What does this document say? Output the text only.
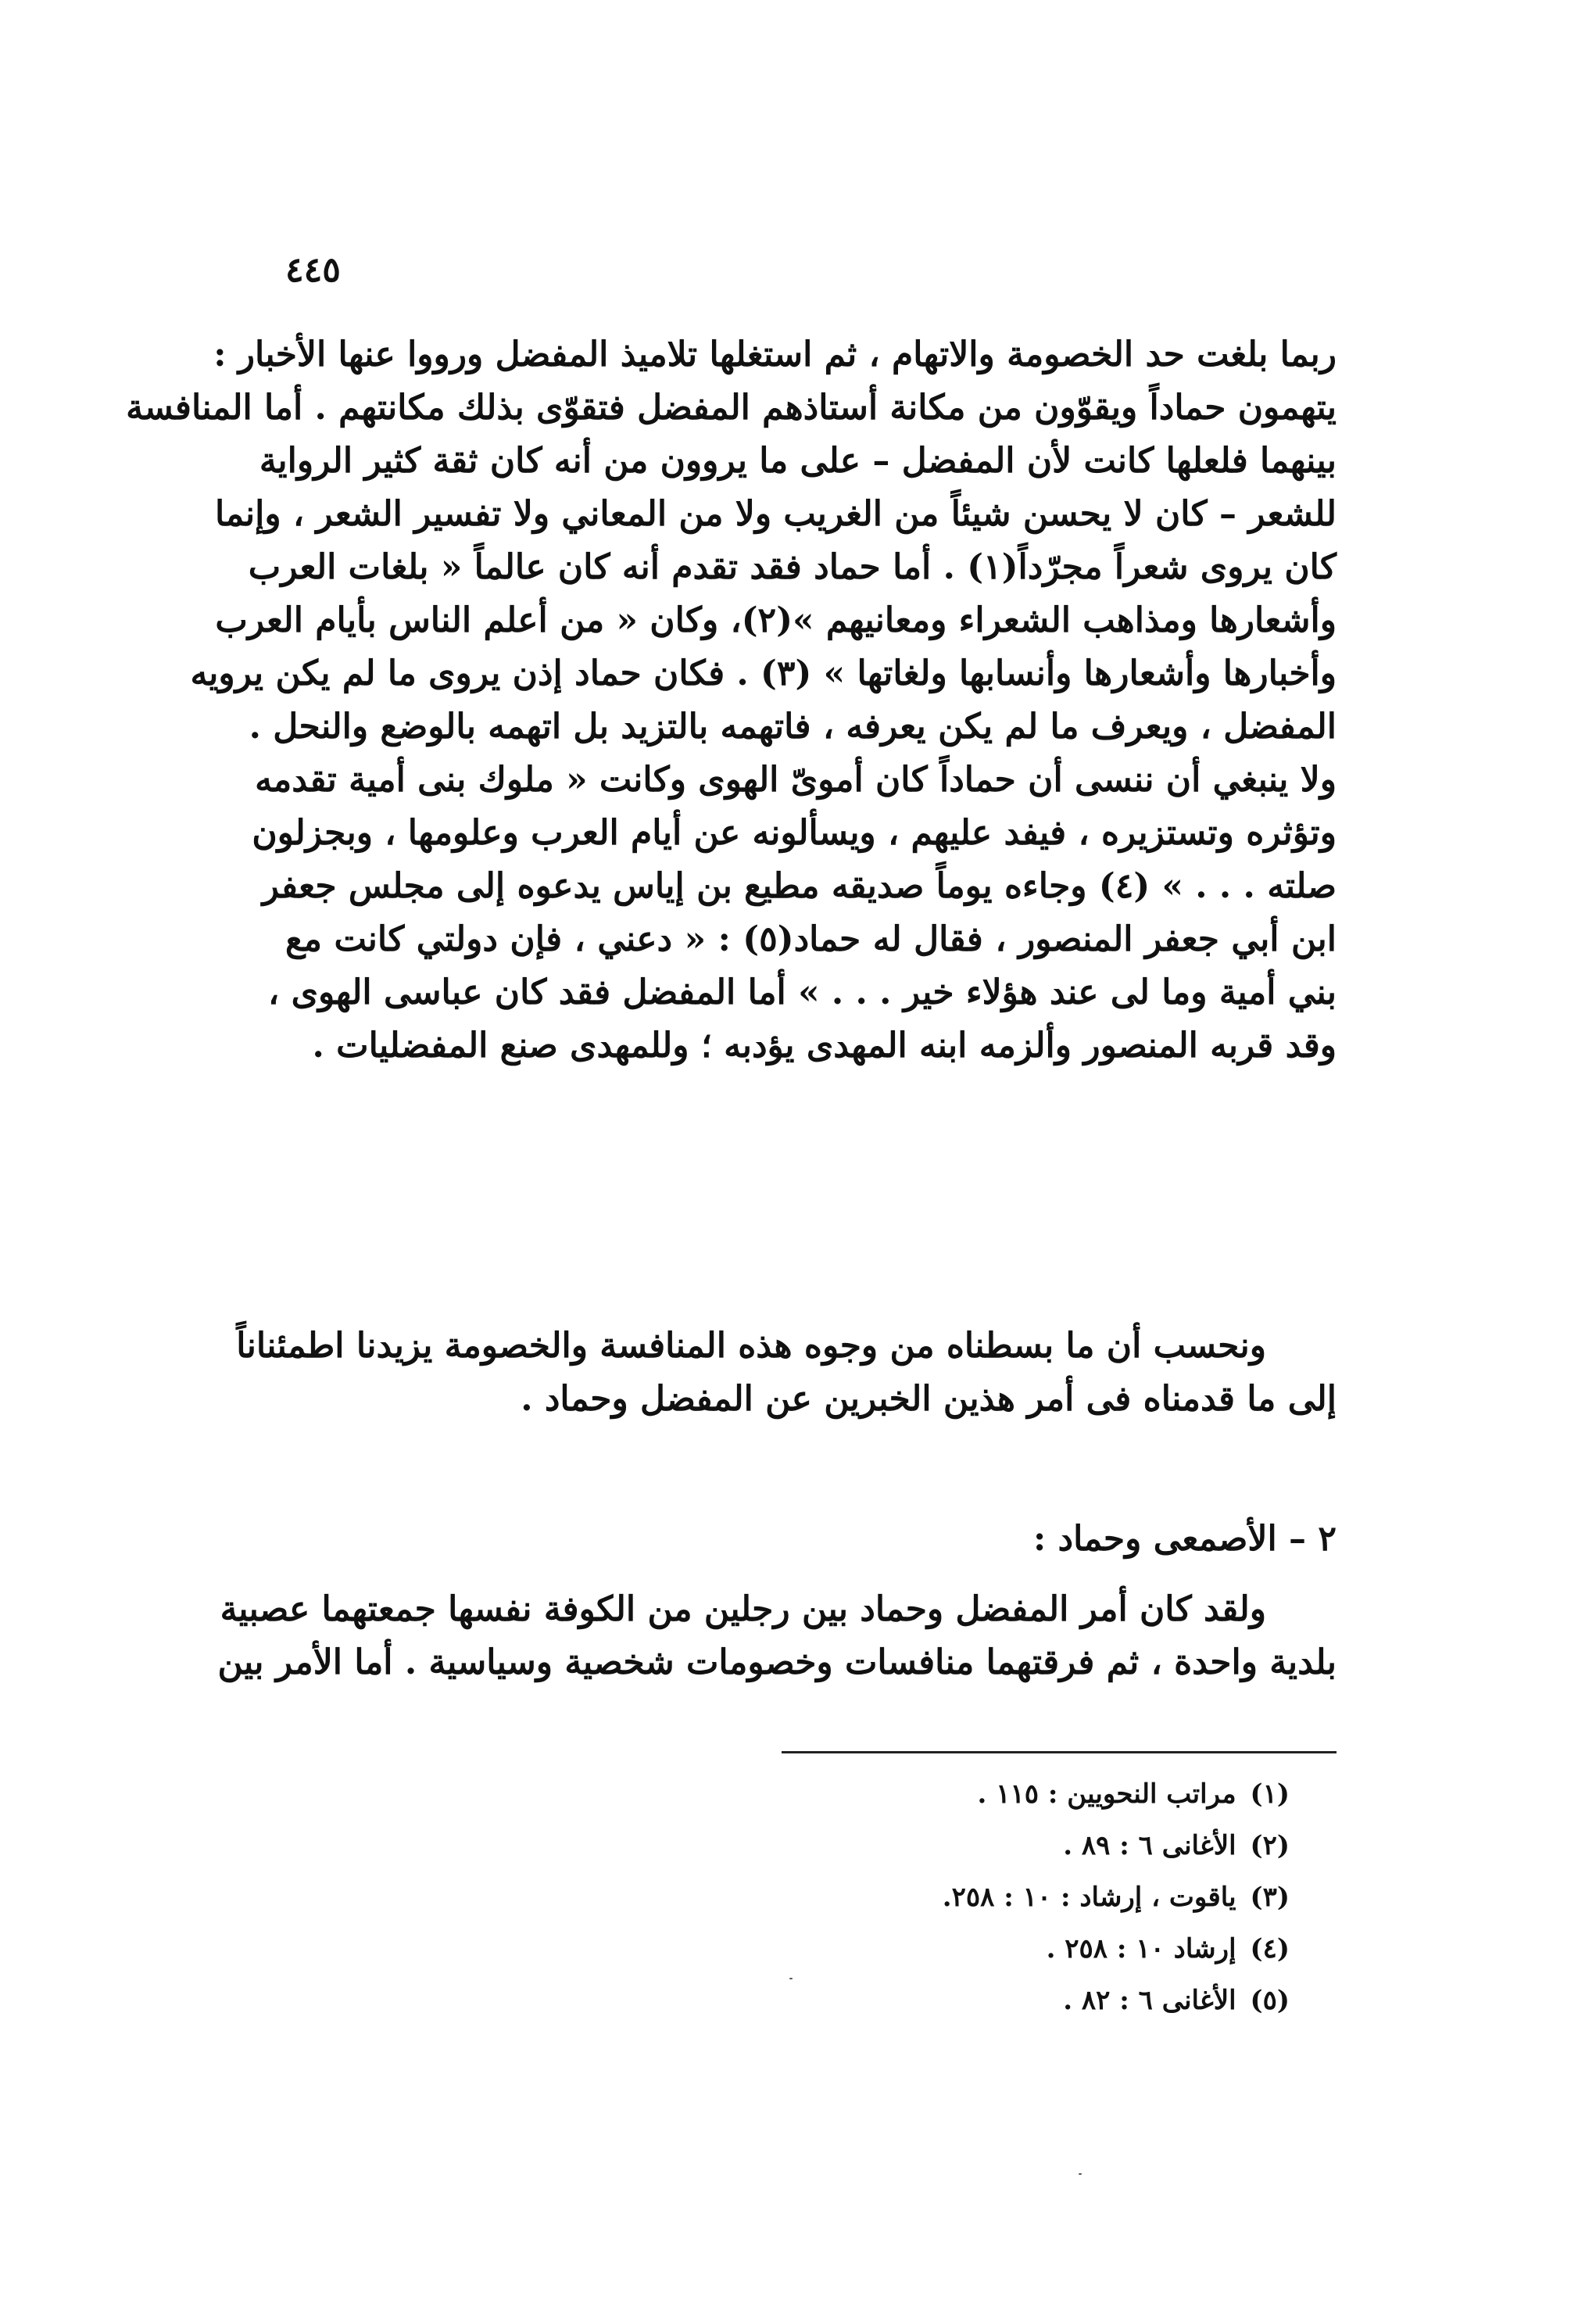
٤٤٥
ربما بلغت حد الخصومة والاتهام ، ثم استغلها تلاميذ المفضل ورووا عنها الأخبار :
يتهمون حماداً ويقوّون من مكانة أستاذهم المفضل فتقوّى بذلك مكانتهم . أما المنافسة
بينهما فلعلها كانت لأن المفضل – على ما يروون من أنه كان ثقة كثير الرواية
للشعر – كان لا يحسن شيئاً من الغريب ولا من المعاني ولا تفسير الشعر ، وإنما
كان يروى شعراً مجرّداً(١) . أما حماد فقد تقدم أنه كان عالماً « بلغات العرب
وأشعارها ومذاهب الشعراء ومعانيهم »(٢)، وكان « من أعلم الناس بأيام العرب
وأخبارها وأشعارها وأنسابها ولغاتها » (٣) . فكان حماد إذن يروى ما لم يكن يرويه
المفضل ، ويعرف ما لم يكن يعرفه ، فاتهمه بالتزيد بل اتهمه بالوضع والنحل .
ولا ينبغي أن ننسى أن حماداً كان أموىّ الهوى وكانت « ملوك بنى أمية تقدمه
وتؤثره وتستزيره ، فيفد عليهم ، ويسألونه عن أيام العرب وعلومها ، وبجزلون
صلته . . . » (٤) وجاءه يوماً صديقه مطيع بن إياس يدعوه إلى مجلس جعفر
ابن أبي جعفر المنصور ، فقال له حماد(٥) : « دعني ، فإن دولتي كانت مع
بني أمية وما لى عند هؤلاء خير . . . » أما المفضل فقد كان عباسى الهوى ،
وقد قربه المنصور وألزمه ابنه المهدى يؤدبه ؛ وللمهدى صنع المفضليات .
ونحسب أن ما بسطناه من وجوه هذه المنافسة والخصومة يزيدنا اطمئناناً
إلى ما قدمناه فى أمر هذين الخبرين عن المفضل وحماد .
٢ – الأصمعى وحماد :
ولقد كان أمر المفضل وحماد بين رجلين من الكوفة نفسها جمعتهما عصبية
بلدية واحدة ، ثم فرقتهما منافسات وخصومات شخصية وسياسية . أما الأمر بين
(١)مراتب النحويين : ١١٥ .
(٢)الأغانى ٦ : ٨٩ .
(٣)ياقوت ، إرشاد : ١٠ : ٢٥٨.
(٤)إرشاد ١٠ : ٢٥٨ .
(٥)الأغانى ٦ : ٨٢ .
